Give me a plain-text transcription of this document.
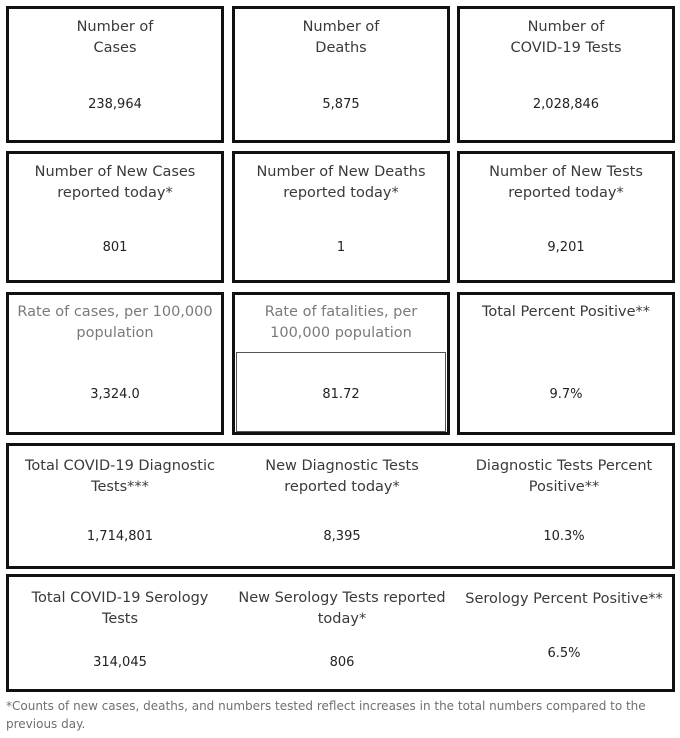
Number of
Cases
238,964
Number of
Deaths
5,875
Number of
COVID-19 Tests
2,028,846
Number of New Cases
reported today*
801
Number of New Deaths
reported today*
1
Number of New Tests
reported today*
9,201
Rate of cases, per 100,000
population
3,324.0
Rate of fatalities, per
100,000 population
81.72
Total Percent Positive**
9.7%
Total COVID-19 Diagnostic
Tests***
1,714,801
New Diagnostic Tests
reported today*
8,395
Diagnostic Tests Percent
Positive**
10.3%
Total COVID-19 Serology
Tests
314,045
New Serology Tests reported
today*
806
Serology Percent Positive**
6.5%
*Counts of new cases, deaths, and numbers tested reflect increases in the total numbers compared to the previous day.
